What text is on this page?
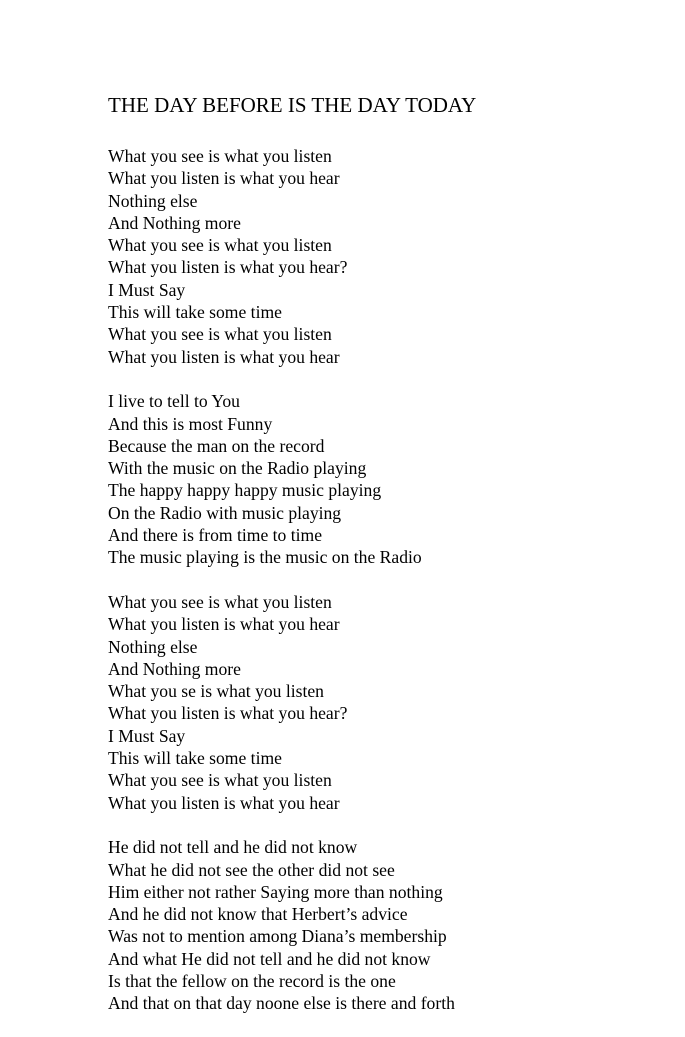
THE DAY BEFORE IS THE DAY TODAY
What you see is what you listen
What you listen is what you hear
Nothing else
And Nothing more
What you see is what you listen
What you listen is what you hear?
I Must Say
This will take some time
What you see is what you listen
What you listen is what you hear
I live to tell to You
And this is most Funny
Because the man on the record
With the music on the Radio playing
The happy happy happy music playing
On the Radio with music playing
And there is from time to time
The music playing is the music on the Radio
What you see is what you listen
What you listen is what you hear
Nothing else
And Nothing more
What you se is what you listen
What you listen is what you hear?
I Must Say
This will take some time
What you see is what you listen
What you listen is what you hear
He did not tell and he did not know
What he did not see the other did not see
Him either not rather Saying more than nothing
And he did not know that Herbert’s advice
Was not to mention among Diana’s membership
And what He did not tell and he did not know
Is that the fellow on the record is the one
And that on that day noone else is there and forth
